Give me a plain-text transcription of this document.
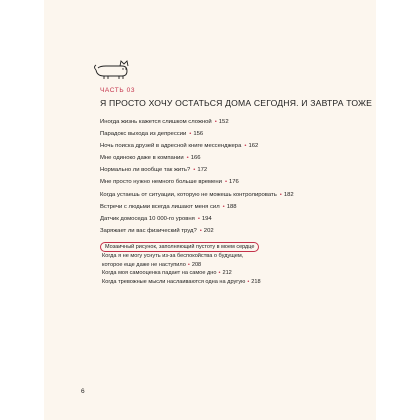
ЧАСТЬ 03
Я ПРОСТО ХОЧУ ОСТАТЬСЯ ДОМА СЕГОДНЯ. И ЗАВТРА ТОЖЕ
Иногда жизнь кажется слишком сложной • 152
Парадокс выхода из депрессии • 156
Ночь поиска друзей в адресной книге мессенджера • 162
Мне одиноко даже в компании • 166
Нормально ли вообще так жить? • 172
Мне просто нужно немного больше времени • 176
Когда устаешь от ситуации, которую не можешь контролировать • 182
Встречи с людьми всегда лишают меня сил • 188
Датчик домоседа 10 000-го уровня • 194
Заряжает ли вас физический труд? • 202
Мозаичный рисунок, заполняющий пустоту в моем сердце
Когда я не могу уснуть из-за беспокойства о будущем,
которое еще даже не наступило • 208
Когда моя самооценка падает на самое дно • 212
Когда тревожные мысли наслаиваются одна на другую • 218
6
